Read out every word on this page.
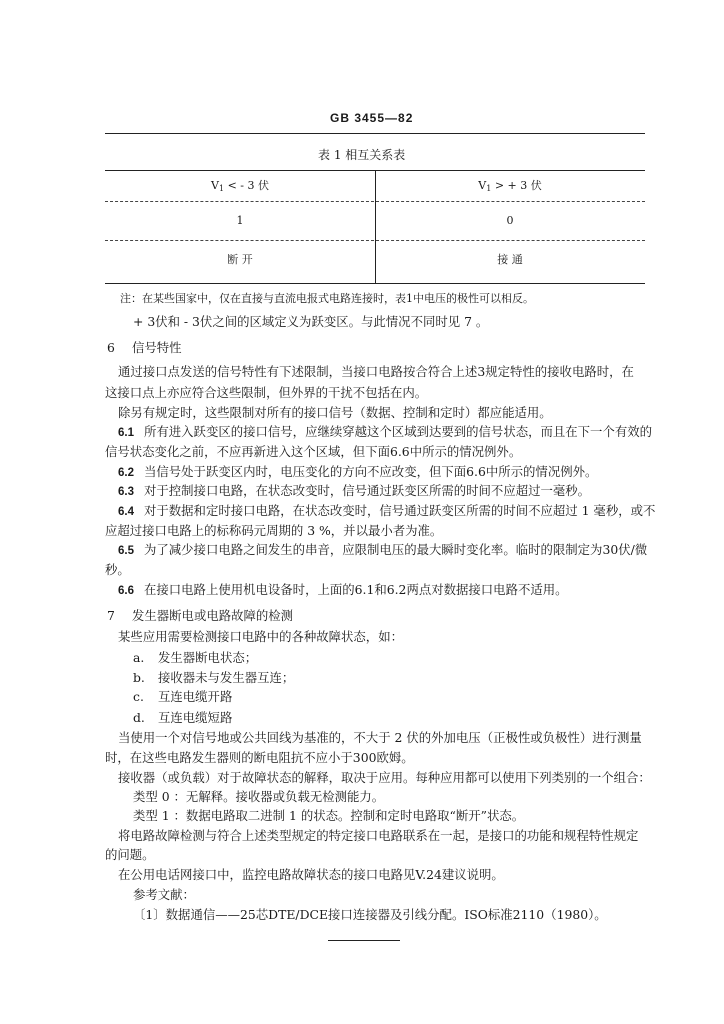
GB 3455—82
表 1 相互关系表
$V_1$ < - 3 伏	$V_1$ > + 3 伏
1	0
断 开	接 通
注：在某些国家中，仅在直接与直流电报式电路连接时，表1中电压的极性可以相反。
+ 3伏和 - 3伏之间的区域定义为跃变区。与此情况不同时见 7 。
6 信号特性
通过接口点发送的信号特性有下述限制，当接口电路按合符合上述3规定特性的接收电路时，在
这接口点上亦应符合这些限制，但外界的干扰不包括在内。
除另有规定时，这些限制对所有的接口信号（数据、控制和定时）都应能适用。
6.1 所有进入跃变区的接口信号，应继续穿越这个区域到达要到的信号状态，而且在下一个有效的
信号状态变化之前，不应再新进入这个区域，但下面6.6中所示的情况例外。
6.2 当信号处于跃变区内时，电压变化的方向不应改变，但下面6.6中所示的情况例外。
6.3 对于控制接口电路，在状态改变时，信号通过跃变区所需的时间不应超过一毫秒。
6.4 对于数据和定时接口电路，在状态改变时，信号通过跃变区所需的时间不应超过 1 毫秒，或不
应超过接口电路上的标称码元周期的 3 %，并以最小者为准。
6.5 为了减少接口电路之间发生的串音，应限制电压的最大瞬时变化率。临时的限制定为30伏/微
秒。
6.6 在接口电路上使用机电设备时，上面的6.1和6.2两点对数据接口电路不适用。
7 发生器断电或电路故障的检测
某些应用需要检测接口电路中的各种故障状态，如：
a. 发生器断电状态；
b. 接收器未与发生器互连；
c. 互连电缆开路
d. 互连电缆短路
当使用一个对信号地或公共回线为基准的，不大于 2 伏的外加电压（正极性或负极性）进行测量
时，在这些电路发生器则的断电阻抗不应小于300欧姆。
接收器（或负载）对于故障状态的解释，取决于应用。每种应用都可以使用下列类别的一个组合：
类型 0 ：无解释。接收器或负载无检测能力。
类型 1 ：数据电路取二进制 1 的状态。控制和定时电路取“断开”状态。
将电路故障检测与符合上述类型规定的特定接口电路联系在一起，是接口的功能和规程特性规定
的问题。
在公用电话网接口中，监控电路故障状态的接口电路见V.24建议说明。
参考文献：
〔1〕数据通信——25芯DTE/DCE接口连接器及引线分配。ISO标准2110（1980）。
